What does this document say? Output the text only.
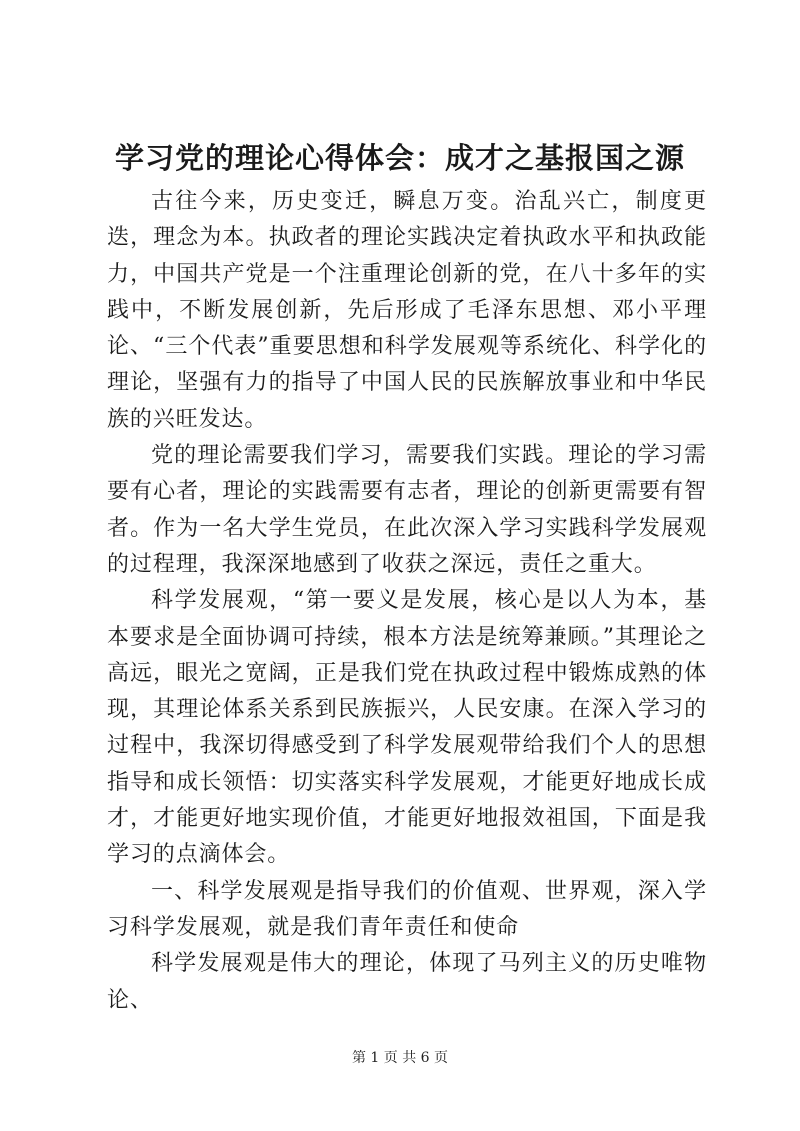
学习党的理论心得体会：成才之基报国之源

古往今来，历史变迁，瞬息万变。治乱兴亡，制度更迭，理念为本。执政者的理论实践决定着执政水平和执政能力，中国共产党是一个注重理论创新的党，在八十多年的实践中，不断发展创新，先后形成了毛泽东思想、邓小平理论、“三个代表”重要思想和科学发展观等系统化、科学化的理论，坚强有力的指导了中国人民的民族解放事业和中华民族的兴旺发达。

党的理论需要我们学习，需要我们实践。理论的学习需要有心者，理论的实践需要有志者，理论的创新更需要有智者。作为一名大学生党员，在此次深入学习实践科学发展观的过程理，我深深地感到了收获之深远，责任之重大。

科学发展观，“第一要义是发展，核心是以人为本，基本要求是全面协调可持续，根本方法是统筹兼顾。”其理论之高远，眼光之宽阔，正是我们党在执政过程中锻炼成熟的体现，其理论体系关系到民族振兴，人民安康。在深入学习的过程中，我深切得感受到了科学发展观带给我们个人的思想指导和成长领悟：切实落实科学发展观，才能更好地成长成才，才能更好地实现价值，才能更好地报效祖国，下面是我学习的点滴体会。

一、科学发展观是指导我们的价值观、世界观，深入学习科学发展观，就是我们青年责任和使命

科学发展观是伟大的理论，体现了马列主义的历史唯物论、

第 1 页 共 6 页
